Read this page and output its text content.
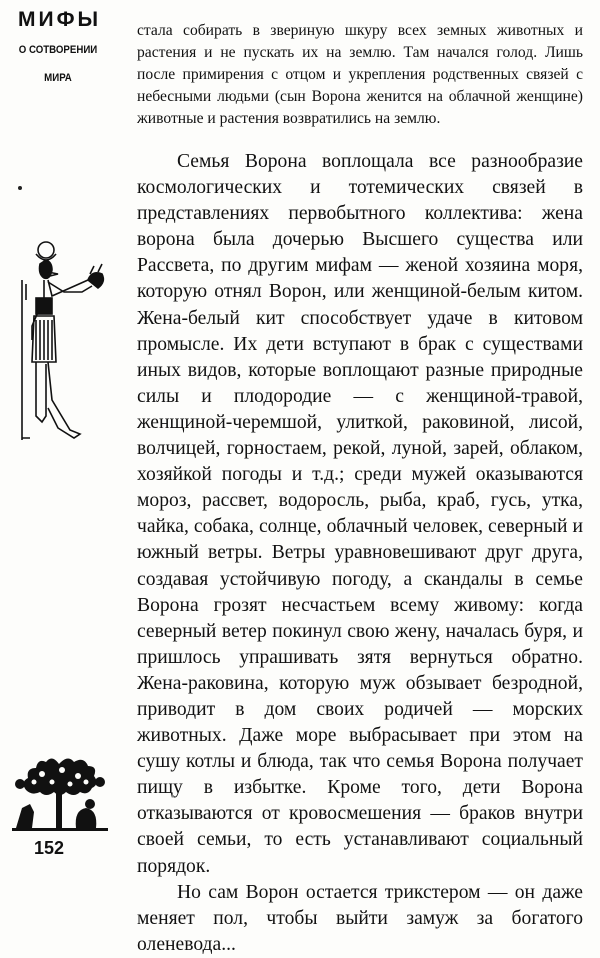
МИФЫ
О СОТВОРЕНИИ
МИРА
152

стала собирать в звериную шкуру всех земных животных и растения и не пускать их на землю. Там начался голод. Лишь после примирения с отцом и укрепления родственных связей с небесными людьми (сын Ворона женится на облачной женщине) животные и растения возвратились на землю.

Семья Ворона воплощала все разнообразие космологических и тотемических связей в представлениях первобытного коллектива: жена ворона была дочерью Высшего существа или Рассвета, по другим мифам — женой хозяина моря, которую отнял Ворон, или женщиной-белым китом. Жена-белый кит способствует удаче в китовом промысле. Их дети вступают в брак с существами иных видов, которые воплощают разные природные силы и плодородие — с женщиной-травой, женщиной-черемшой, улиткой, раковиной, лисой, волчицей, горностаем, рекой, луной, зарей, облаком, хозяйкой погоды и т.д.; среди мужей оказываются мороз, рассвет, водоросль, рыба, краб, гусь, утка, чайка, собака, солнце, облачный человек, северный и южный ветры. Ветры уравновешивают друг друга, создавая устойчивую погоду, а скандалы в семье Ворона грозят несчастьем всему живому: когда северный ветер покинул свою жену, началась буря, и пришлось упрашивать зятя вернуться обратно. Жена-раковина, которую муж обзывает безродной, приводит в дом своих родичей — морских животных. Даже море выбрасывает при этом на сушу котлы и блюда, так что семья Ворона получает пищу в избытке. Кроме того, дети Ворона отказываются от кровосмешения — браков внутри своей семьи, то есть устанавливают социальный порядок.

Но сам Ворон остается трикстером — он даже меняет пол, чтобы выйти замуж за богатого оленевода...
